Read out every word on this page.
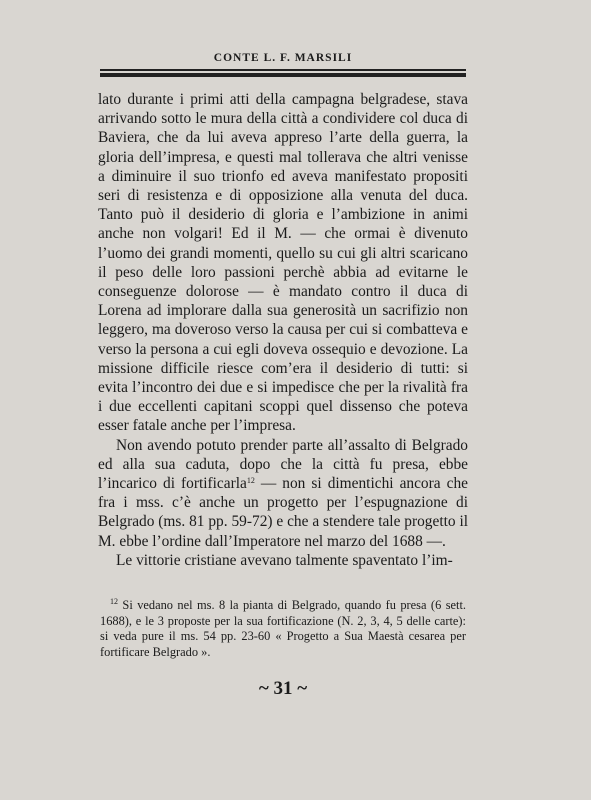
CONTE L. F. MARSILI

lato durante i primi atti della campagna belgradese, stava arrivando sotto le mura della città a condividere col duca di Baviera, che da lui aveva appreso l’arte della guerra, la gloria dell’impresa, e questi mal tollerava che altri venisse a diminuire il suo trionfo ed aveva manifestato propositi seri di resistenza e di opposizione alla venuta del duca. Tanto può il desiderio di gloria e l’ambizione in animi anche non volgari! Ed il M. — che ormai è divenuto l’uomo dei grandi momenti, quello su cui gli altri scaricano il peso delle loro passioni perchè abbia ad evitarne le conseguenze dolorose — è mandato contro il duca di Lorena ad implorare dalla sua generosità un sacrifizio non leggero, ma doveroso verso la causa per cui si combatteva e verso la persona a cui egli doveva ossequio e devozione. La missione difficile riesce com’era il desiderio di tutti: si evita l’incontro dei due e si impedisce che per la rivalità fra i due eccellenti capitani scoppi quel dissenso che poteva esser fatale anche per l’impresa.

Non avendo potuto prender parte all’assalto di Belgrado ed alla sua caduta, dopo che la città fu presa, ebbe l’incarico di fortificarla$^{12}$ — non si dimentichi ancora che fra i mss. c’è anche un progetto per l’espugnazione di Belgrado (ms. 81 pp. 59-72) e che a stendere tale progetto il M. ebbe l’ordine dall’Imperatore nel marzo del 1688 —.

Le vittorie cristiane avevano talmente spaventato l’im-

$^{12}$ Si vedano nel ms. 8 la pianta di Belgrado, quando fu presa (6 sett. 1688), e le 3 proposte per la sua fortificazione (N. 2, 3, 4, 5 delle carte): si veda pure il ms. 54 pp. 23-60 « Progetto a Sua Maestà cesarea per fortificare Belgrado ».

~ 31 ~
